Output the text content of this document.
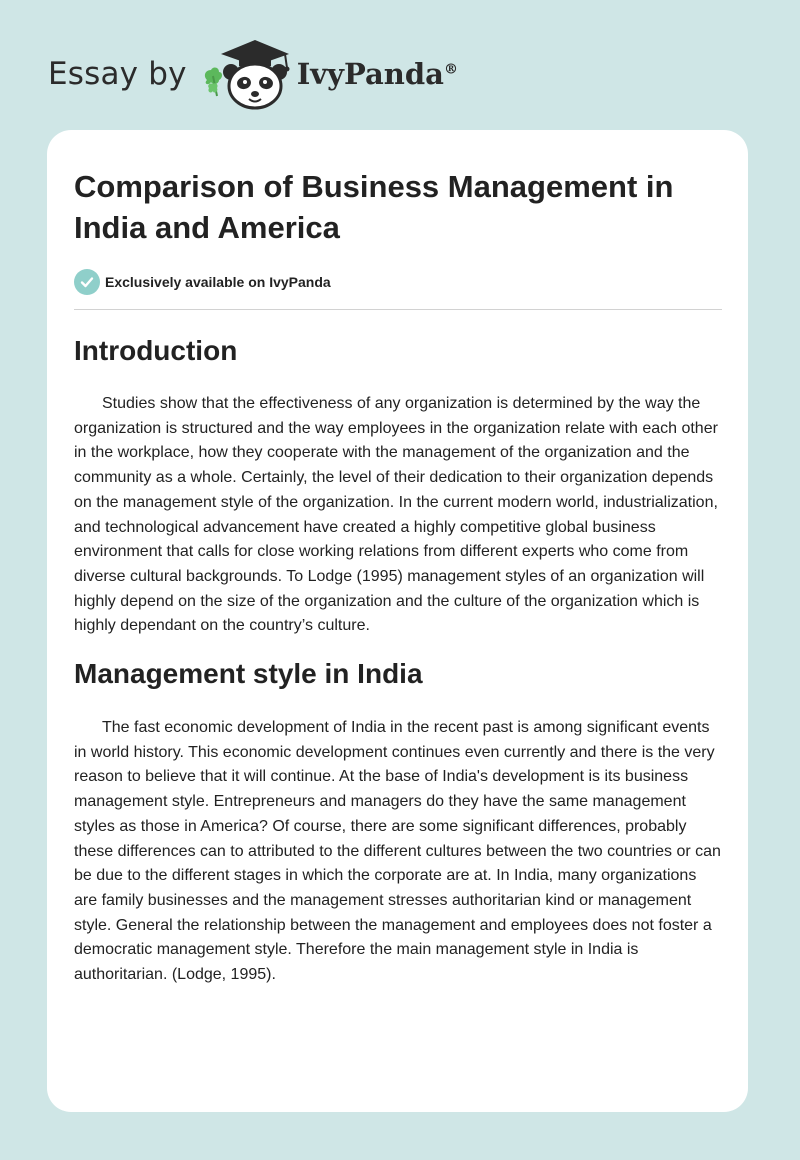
Essay by	IvyPanda®
Comparison of Business Management in India and America
Exclusively available on IvyPanda
Introduction

Studies show that the effectiveness of any organization is determined by the way the organization is structured and the way employees in the organization relate with each other in the workplace, how they cooperate with the management of the organization and the community as a whole. Certainly, the level of their dedication to their organization depends on the management style of the organization. In the current modern world, industrialization, and technological advancement have created a highly competitive global business environment that calls for close working relations from different experts who come from diverse cultural backgrounds. To Lodge (1995) management styles of an organization will highly depend on the size of the organization and the culture of the organization which is highly dependant on the country’s culture.

Management style in India

The fast economic development of India in the recent past is among significant events in world history. This economic development continues even currently and there is the very reason to believe that it will continue. At the base of India's development is its business management style. Entrepreneurs and managers do they have the same management styles as those in America? Of course, there are some significant differences, probably these differences can to attributed to the different cultures between the two countries or can be due to the different stages in which the corporate are at. In India, many organizations are family businesses and the management stresses authoritarian kind or management style. General the relationship between the management and employees does not foster a democratic management style. Therefore the main management style in India is authoritarian. (Lodge, 1995).
